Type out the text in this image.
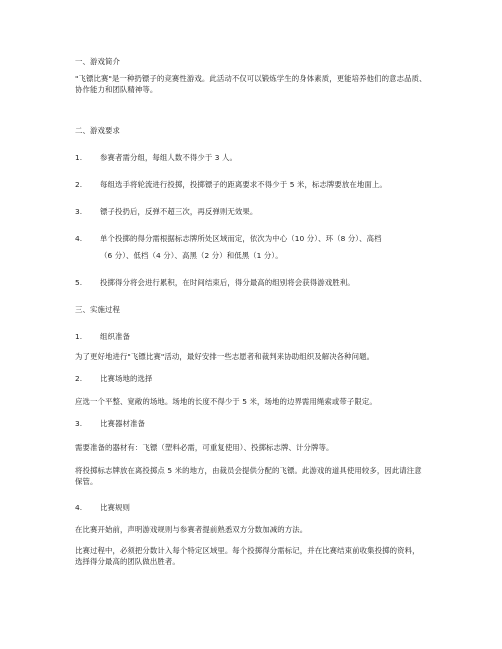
一、游戏简介
"飞镖比赛"是一种扔镖子的竞赛性游戏。此活动不仅可以锻炼学生的身体素质，更能培养他们的意志品质、协作能力和团队精神等。
二、游戏要求
1. 参赛者需分组，每组人数不得少于 3 人。
2. 每组选手将轮流进行投掷，投掷镖子的距离要求不得少于 5 米，标志牌要放在地面上。
3. 镖子投扔后，反弹不超三次，再反弹则无效果。
4. 单个投掷的得分需根据标志牌所处区域而定，依次为中心（10 分）、环（8 分）、高档
（6 分）、低档（4 分）、高黑（2 分）和低黑（1 分）。
5. 投掷得分将会进行累积，在时间结束后，得分最高的组别将会获得游戏胜利。
三、实施过程
1. 组织准备
为了更好地进行"飞镖比赛"活动，最好安排一些志愿者和裁判来协助组织及解决各种问题。
2. 比赛场地的选择
应选一个平整、宽敞的场地。场地的长度不得少于 5 米，场地的边界需用绳索或带子限定。
3. 比赛器材准备
需要准备的器材有：飞镖（塑料必需，可重复使用）、投掷标志牌、计分牌等。
将投掷标志牌放在离投掷点 5 米的地方，由裁员会提供分配的飞镖。此游戏的道具使用较多，因此请注意保管。
4. 比赛规则
在比赛开始前，声明游戏规则与参赛者提前熟悉双方分数加减的方法。
比赛过程中，必须把分数计入每个特定区域里。每个投掷得分需标记，并在比赛结束前收集投掷的资料，选择得分最高的团队做出胜者。
